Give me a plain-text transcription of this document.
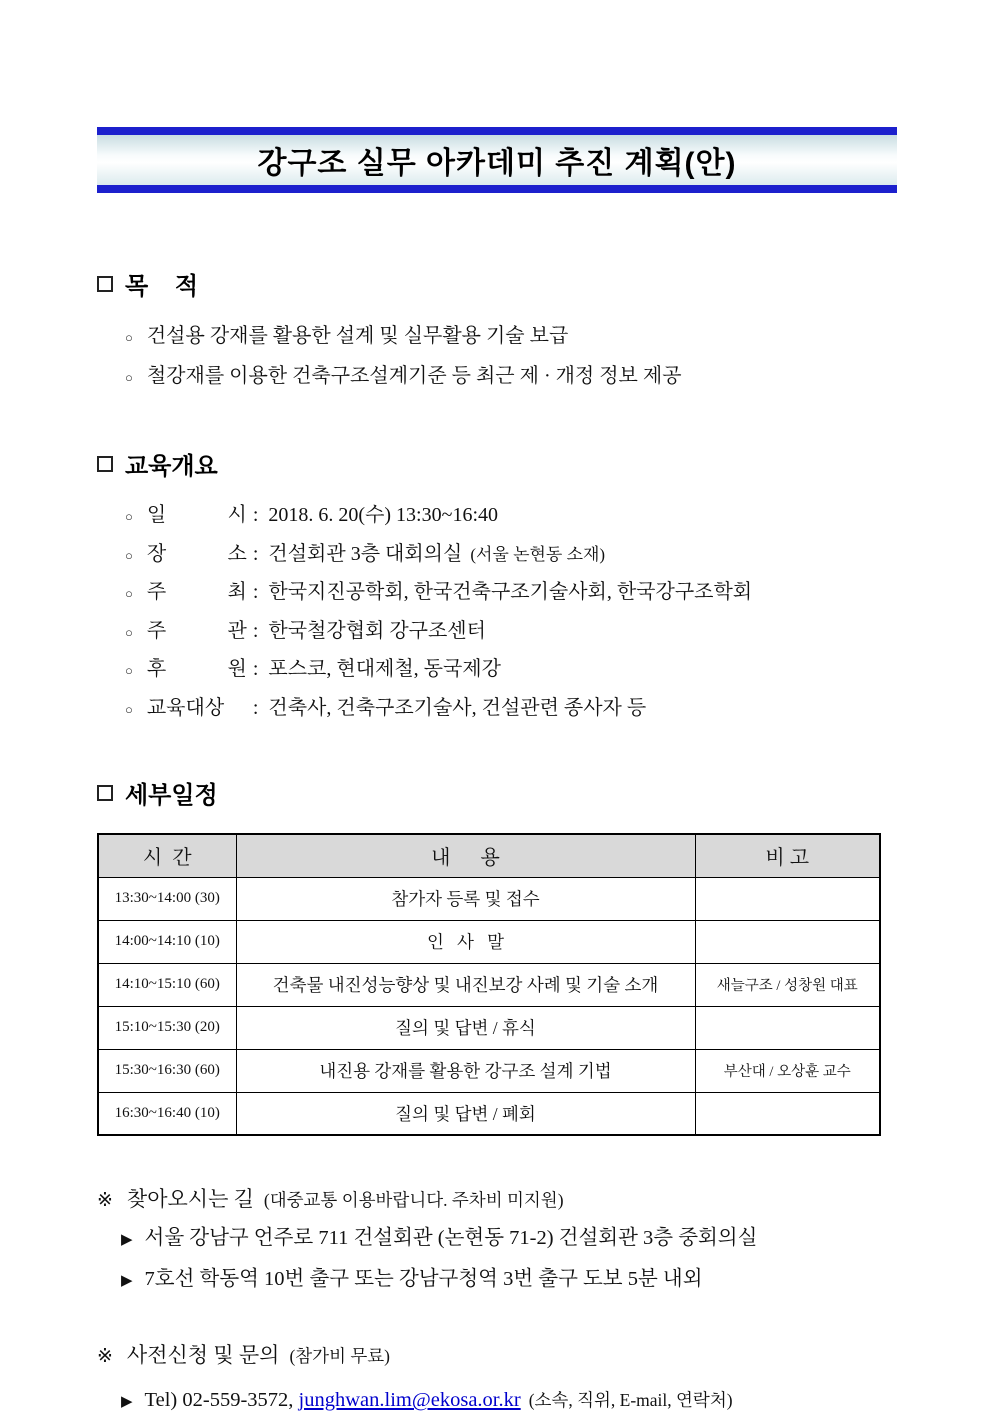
강구조 실무 아카데미 추진 계획(안)
목    적
○ 건설용 강재를 활용한 설계 및 실무활용 기술 보급
○ 철강재를 이용한 건축구조설계기준 등 최근 제 · 개정 정보 제공
교육개요
○ 일 시 : 2018. 6. 20(수) 13:30~16:40
○ 장 소 : 건설회관 3층 대회의실 (서울 논현동 소재)
○ 주 최 : 한국지진공학회, 한국건축구조기술사회, 한국강구조학회
○ 주 관 : 한국철강협회 강구조센터
○ 후 원 : 포스코, 현대제철, 동국제강
○ 교육대상	: 건축사, 건축구조기술사, 건설관련 종사자 등
세부일정
시  간	내      용	비 고
13:30~14:00 (30)	참가자 등록 및 접수	
14:00~14:10 (10)	인   사   말	
14:10~15:10 (60)	건축물 내진성능향상 및 내진보강 사례 및 기술 소개	새늘구조 / 성창원 대표
15:10~15:30 (20)	질의 및 답변 / 휴식	
15:30~16:30 (60)	내진용 강재를 활용한 강구조 설계 기법	부산대 / 오상훈 교수
16:30~16:40 (10)	질의 및 답변 / 폐회	
※ 찾아오시는 길 (대중교통 이용바랍니다. 주차비 미지원)
▶ 서울 강남구 언주로 711 건설회관 (논현동 71-2) 건설회관 3층 중회의실
▶ 7호선 학동역 10번 출구 또는 강남구청역 3번 출구 도보 5분 내외
※ 사전신청 및 문의 (참가비 무료)
▶ Tel) 02-559-3572,
junghwan.lim@ekosa.or.kr (소속, 직위, E-mail, 연락처)
